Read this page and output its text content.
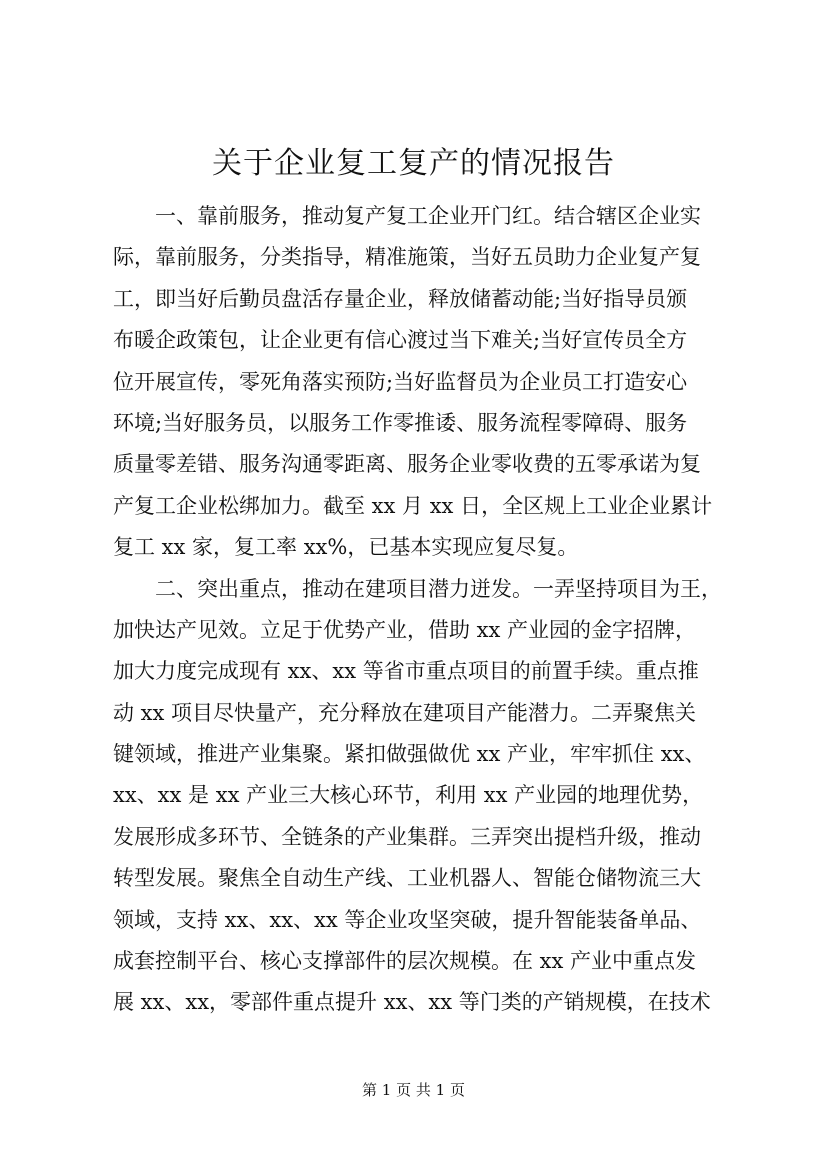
关于企业复工复产的情况报告
一、靠前服务，推动复产复工企业开门红。结合辖区企业实
际，靠前服务，分类指导，精准施策，当好五员助力企业复产复
工，即当好后勤员盘活存量企业，释放储蓄动能;当好指导员颁
布暖企政策包，让企业更有信心渡过当下难关;当好宣传员全方
位开展宣传，零死角落实预防;当好监督员为企业员工打造安心
环境;当好服务员，以服务工作零推诿、服务流程零障碍、服务
质量零差错、服务沟通零距离、服务企业零收费的五零承诺为复
产复工企业松绑加力。截至 xx 月 xx 日，全区规上工业企业累计
复工 xx 家，复工率 xx%，已基本实现应复尽复。
二、突出重点，推动在建项目潜力迸发。一弄坚持项目为王，
加快达产见效。立足于优势产业，借助 xx 产业园的金字招牌，
加大力度完成现有 xx、xx 等省市重点项目的前置手续。重点推
动 xx 项目尽快量产，充分释放在建项目产能潜力。二弄聚焦关
键领域，推进产业集聚。紧扣做强做优 xx 产业，牢牢抓住 xx、
xx、xx 是 xx 产业三大核心环节，利用 xx 产业园的地理优势，
发展形成多环节、全链条的产业集群。三弄突出提档升级，推动
转型发展。聚焦全自动生产线、工业机器人、智能仓储物流三大
领域，支持 xx、xx、xx 等企业攻坚突破，提升智能装备单品、
成套控制平台、核心支撑部件的层次规模。在 xx 产业中重点发
展 xx、xx，零部件重点提升 xx、xx 等门类的产销规模，在技术
第 1 页 共 1 页
